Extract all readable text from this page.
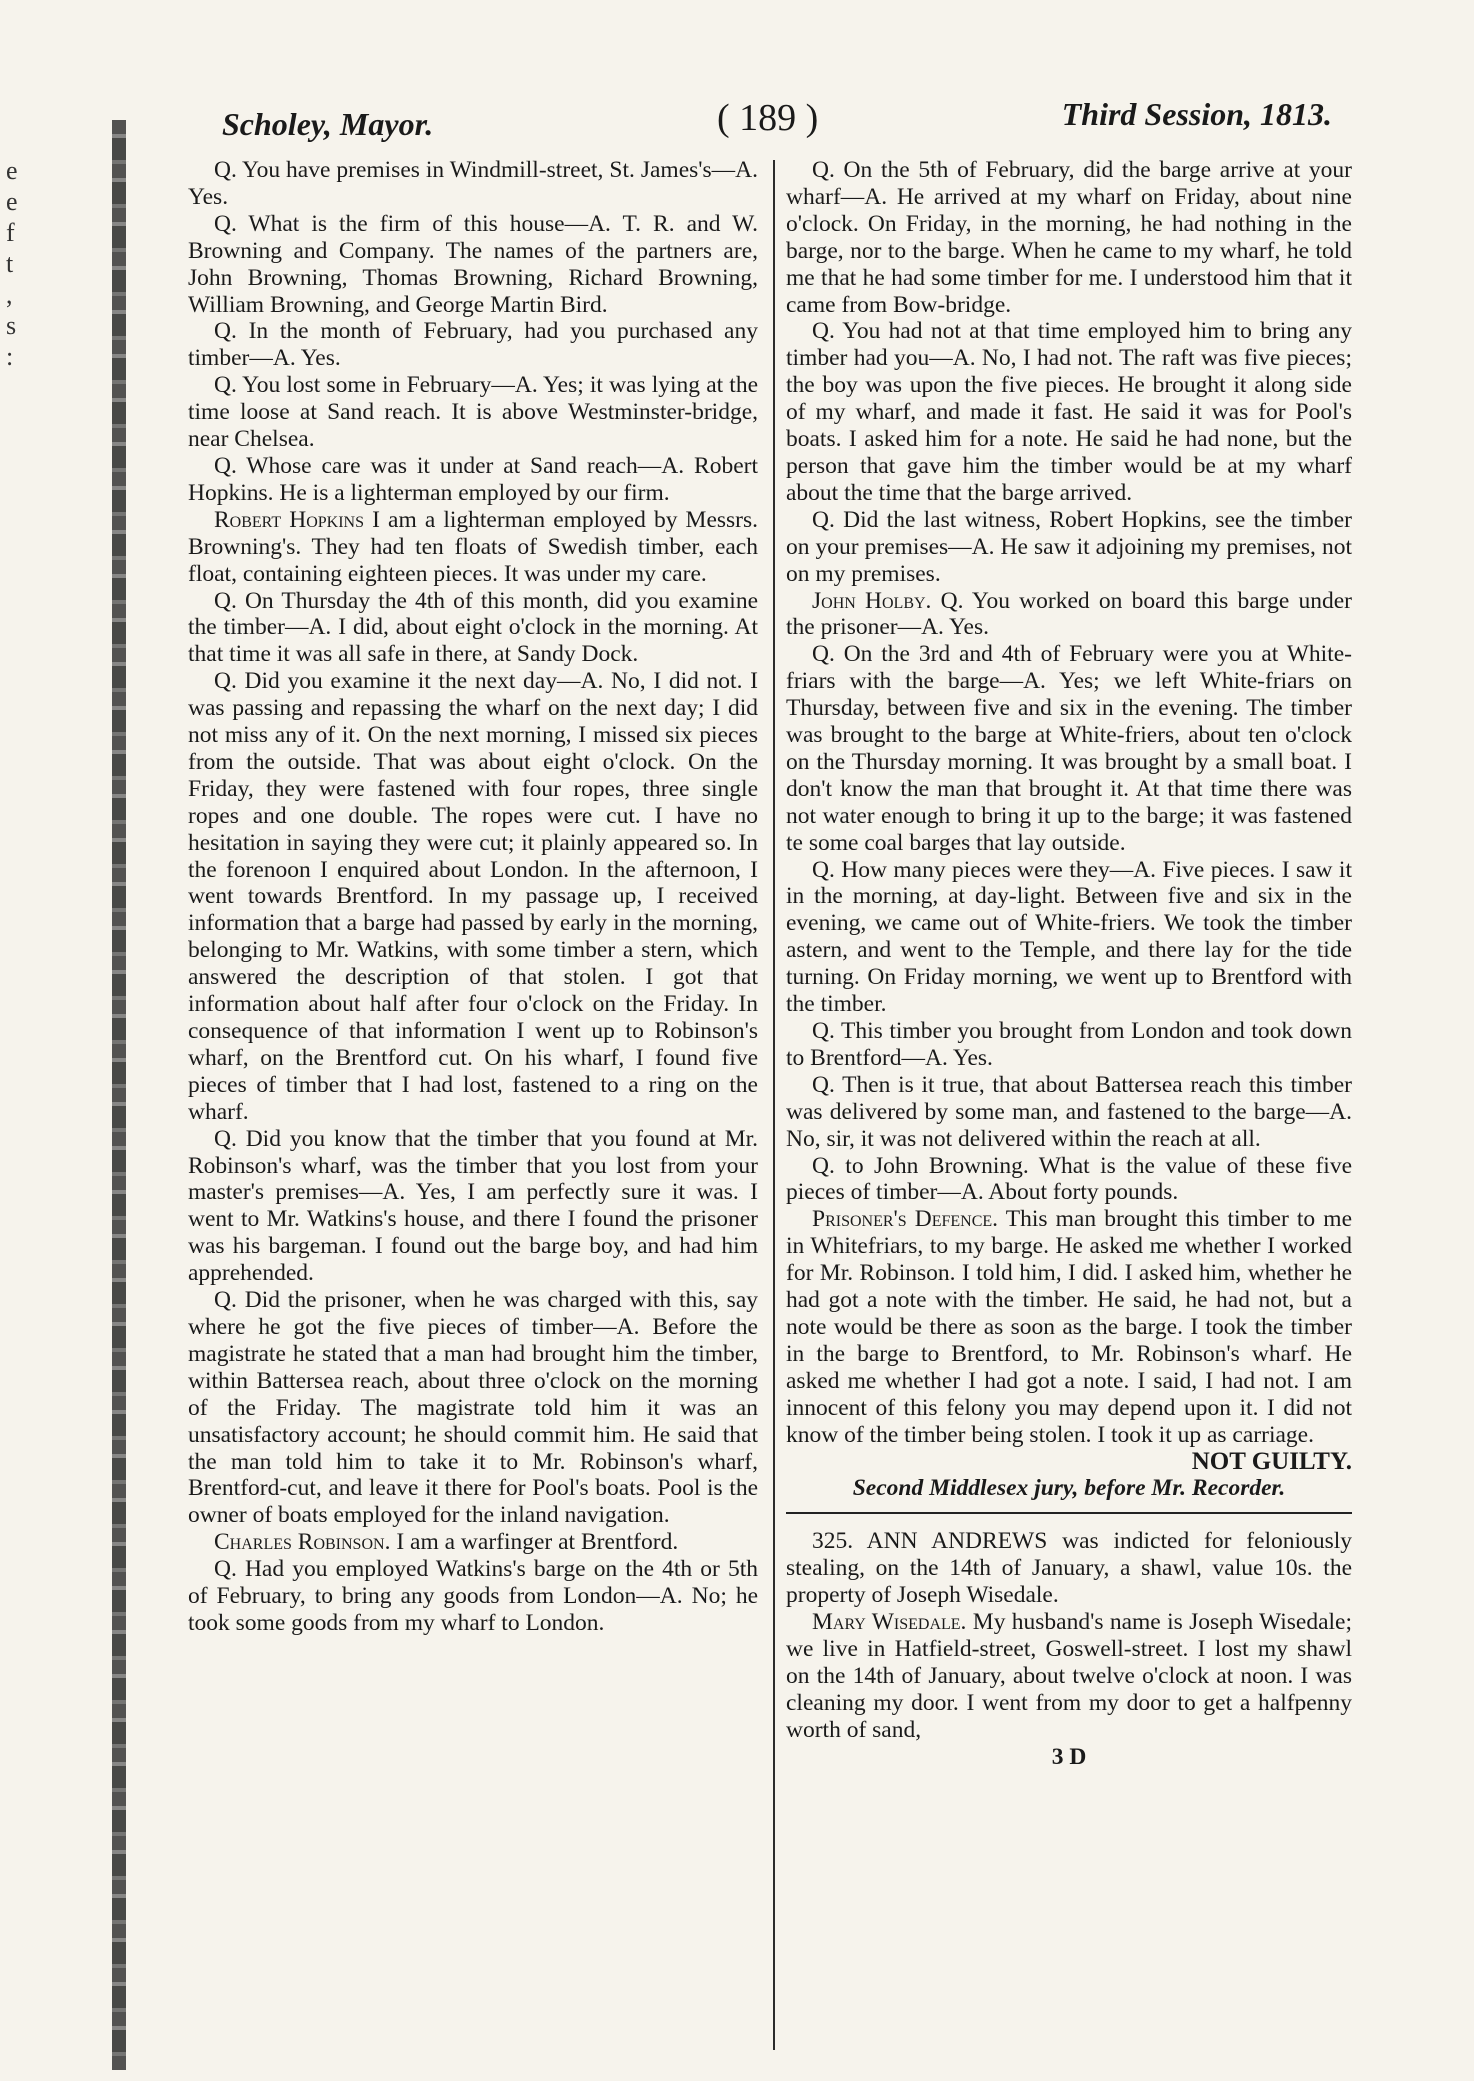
e
e
f
t
,
s
:
Scholey, Mayor.	( 189 )	Third Session, 1813.

Q. You have premises in Windmill-street, St. James's—A. Yes.

Q. What is the firm of this house—A. T. R. and W. Browning and Company. The names of the partners are, John Browning, Thomas Browning, Richard Browning, William Browning, and George Martin Bird.

Q. In the month of February, had you purchased any timber—A. Yes.

Q. You lost some in February—A. Yes; it was lying at the time loose at Sand reach. It is above Westminster-bridge, near Chelsea.

Q. Whose care was it under at Sand reach—A. Robert Hopkins. He is a lighterman employed by our firm.

Robert Hopkins I am a lighterman employed by Messrs. Browning's. They had ten floats of Swedish timber, each float, containing eighteen pieces. It was under my care.

Q. On Thursday the 4th of this month, did you examine the timber—A. I did, about eight o'clock in the morning. At that time it was all safe in there, at Sandy Dock.

Q. Did you examine it the next day—A. No, I did not. I was passing and repassing the wharf on the next day; I did not miss any of it. On the next morning, I missed six pieces from the outside. That was about eight o'clock. On the Friday, they were fastened with four ropes, three single ropes and one double. The ropes were cut. I have no hesitation in saying they were cut; it plainly appeared so. In the forenoon I enquired about London. In the afternoon, I went towards Brentford. In my passage up, I received information that a barge had passed by early in the morning, belonging to Mr. Watkins, with some timber a stern, which answered the description of that stolen. I got that information about half after four o'clock on the Friday. In consequence of that information I went up to Robinson's wharf, on the Brentford cut. On his wharf, I found five pieces of timber that I had lost, fastened to a ring on the wharf.

Q. Did you know that the timber that you found at Mr. Robinson's wharf, was the timber that you lost from your master's premises—A. Yes, I am perfectly sure it was. I went to Mr. Watkins's house, and there I found the prisoner was his bargeman. I found out the barge boy, and had him apprehended.

Q. Did the prisoner, when he was charged with this, say where he got the five pieces of timber—A. Before the magistrate he stated that a man had brought him the timber, within Battersea reach, about three o'clock on the morning of the Friday. The magistrate told him it was an unsatisfactory account; he should commit him. He said that the man told him to take it to Mr. Robinson's wharf, Brentford-cut, and leave it there for Pool's boats. Pool is the owner of boats employed for the inland navigation.

Charles Robinson. I am a warfinger at Brentford.

Q. Had you employed Watkins's barge on the 4th or 5th of February, to bring any goods from London—A. No; he took some goods from my wharf to London.

Q. On the 5th of February, did the barge arrive at your wharf—A. He arrived at my wharf on Friday, about nine o'clock. On Friday, in the morning, he had nothing in the barge, nor to the barge. When he came to my wharf, he told me that he had some timber for me. I understood him that it came from Bow-bridge.

Q. You had not at that time employed him to bring any timber had you—A. No, I had not. The raft was five pieces; the boy was upon the five pieces. He brought it along side of my wharf, and made it fast. He said it was for Pool's boats. I asked him for a note. He said he had none, but the person that gave him the timber would be at my wharf about the time that the barge arrived.

Q. Did the last witness, Robert Hopkins, see the timber on your premises—A. He saw it adjoining my premises, not on my premises.

John Holby. Q. You worked on board this barge under the prisoner—A. Yes.

Q. On the 3rd and 4th of February were you at White-friars with the barge—A. Yes; we left White-friars on Thursday, between five and six in the evening. The timber was brought to the barge at White-friers, about ten o'clock on the Thursday morning. It was brought by a small boat. I don't know the man that brought it. At that time there was not water enough to bring it up to the barge; it was fastened te some coal barges that lay outside.

Q. How many pieces were they—A. Five pieces. I saw it in the morning, at day-light. Between five and six in the evening, we came out of White-friers. We took the timber astern, and went to the Temple, and there lay for the tide turning. On Friday morning, we went up to Brentford with the timber.

Q. This timber you brought from London and took down to Brentford—A. Yes.

Q. Then is it true, that about Battersea reach this timber was delivered by some man, and fastened to the barge—A. No, sir, it was not delivered within the reach at all.

Q. to John Browning. What is the value of these five pieces of timber—A. About forty pounds.

Prisoner's Defence. This man brought this timber to me in Whitefriars, to my barge. He asked me whether I worked for Mr. Robinson. I told him, I did. I asked him, whether he had got a note with the timber. He said, he had not, but a note would be there as soon as the barge. I took the timber in the barge to Brentford, to Mr. Robinson's wharf. He asked me whether I had got a note. I said, I had not. I am innocent of this felony you may depend upon it. I did not know of the timber being stolen. I took it up as carriage.

NOT GUILTY.

Second Middlesex jury, before Mr. Recorder.

325. ANN ANDREWS was indicted for feloniously stealing, on the 14th of January, a shawl, value 10s. the property of Joseph Wisedale.

Mary Wisedale. My husband's name is Joseph Wisedale; we live in Hatfield-street, Goswell-street. I lost my shawl on the 14th of January, about twelve o'clock at noon. I was cleaning my door. I went from my door to get a halfpenny worth of sand,

3 D
